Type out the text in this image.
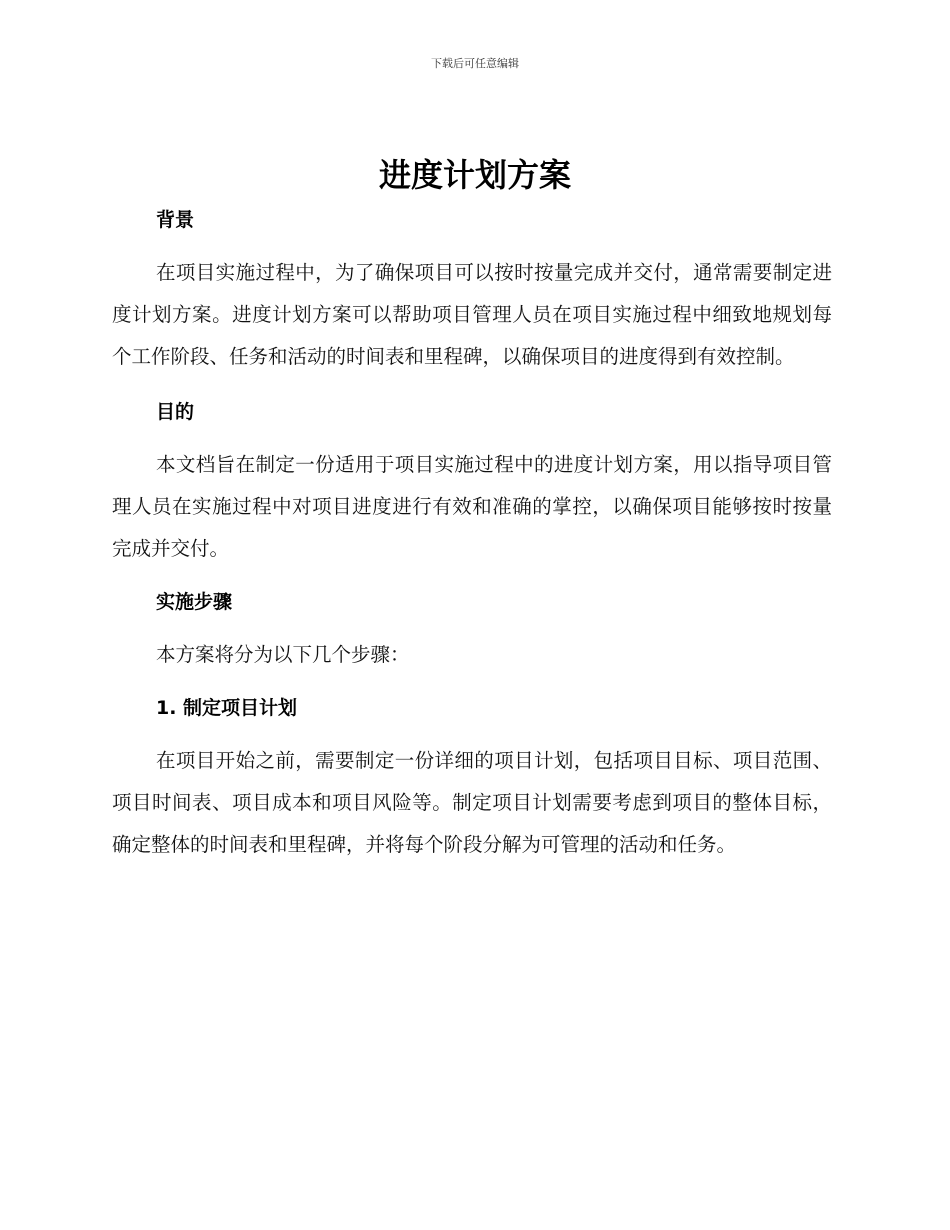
下载后可任意编辑
进度计划方案
背景

在项目实施过程中，为了确保项目可以按时按量完成并交付，通常需要制定进度计划方案。进度计划方案可以帮助项目管理人员在项目实施过程中细致地规划每个工作阶段、任务和活动的时间表和里程碑，以确保项目的进度得到有效控制。

目的

本文档旨在制定一份适用于项目实施过程中的进度计划方案，用以指导项目管理人员在实施过程中对项目进度进行有效和准确的掌控，以确保项目能够按时按量完成并交付。

实施步骤

本方案将分为以下几个步骤：

1. 制定项目计划

在项目开始之前，需要制定一份详细的项目计划，包括项目目标、项目范围、项目时间表、项目成本和项目风险等。制定项目计划需要考虑到项目的整体目标，确定整体的时间表和里程碑，并将每个阶段分解为可管理的活动和任务。
